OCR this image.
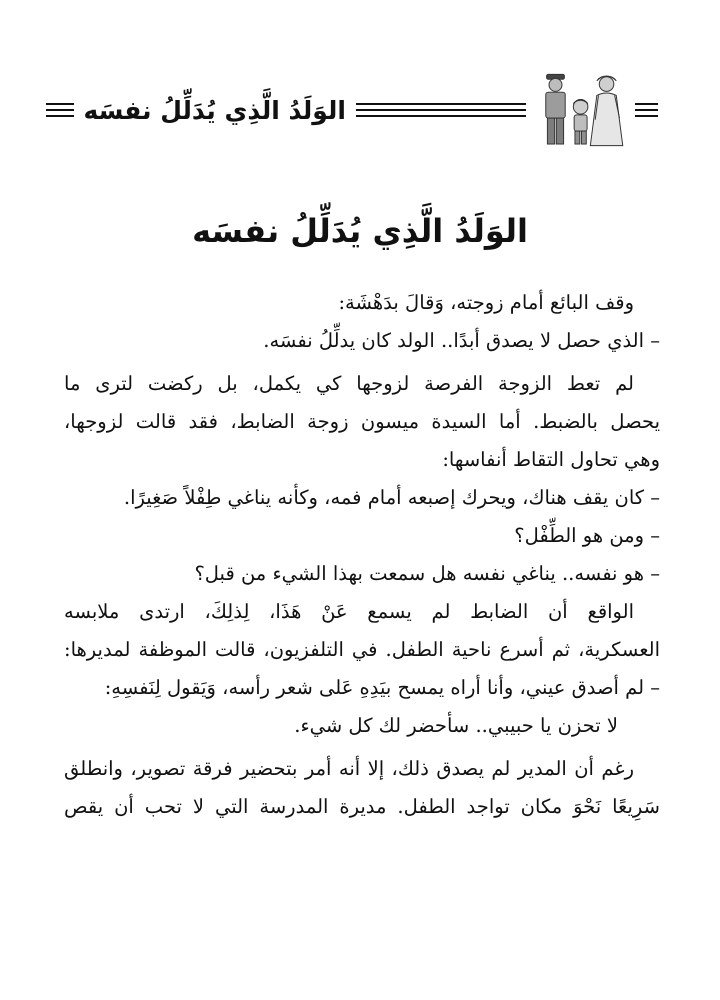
الوَلَدُ الَّذِي يُدَلِّلُ نفسَه
الوَلَدُ الَّذِي يُدَلِّلُ نفسَه

وقف البائع أمام زوجته، وَقالَ بدَهْشَة:

– الذي حصل لا يصدق أبدًا.. الولد كان يدلِّلُ نفسَه.

لم تعط الزوجة الفرصة لزوجها كي يكمل، بل ركضت لترى ما

يحصل بالضبط. أما السيدة ميسون زوجة الضابط، فقد قالت لزوجها،

وهي تحاول التقاط أنفاسها:

– كان يقف هناك، ويحرك إصبعه أمام فمه، وكأنه يناغي طِفْلاً صَغِيرًا.

– ومن هو الطِّفْل؟

– هو نفسه.. يناغي نفسه هل سمعت بهذا الشيء من قبل؟

الواقع أن الضابط لم يسمع عَنْ هَذَا، لِذلِكَ، ارتدى ملابسه

العسكرية، ثم أسرع ناحية الطفل. في التلفزيون، قالت الموظفة لمديرها:

– لم أصدق عيني، وأنا أراه يمسح بيَدِهِ عَلى شعر رأسه، وَيَقول لِنَفسِهِ:

لا تحزن يا حبيبي.. سأحضر لك كل شيء.

رغم أن المدير لم يصدق ذلك، إلا أنه أمر بتحضير فرقة تصوير، وانطلق

سَرِيعًا نَحْوَ مكان تواجد الطفل. مديرة المدرسة التي لا تحب أن يقص
